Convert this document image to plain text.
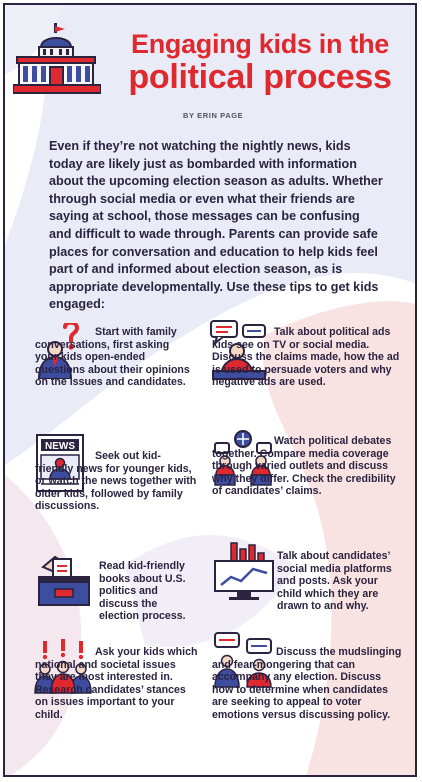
Engaging kids in the
political process
BY ERIN PAGE
Even if they’re not watching the nightly news, kids today are likely just as bombarded with information about the upcoming election season as adults. Whether through social media or even what their friends are saying at school, those messages can be confusing and difficult to wade through. Parents can provide safe places for conversation and education to help kids feel part of and informed about election season, as is appropriate developmentally. Use these tips to get kids engaged:
Start with family conversations, first asking your kids open-ended questions about their opinions on the issues and candidates.
Talk about political ads kids see on TV or social media. Discuss the claims made, how the ad is used to persuade voters and why negative ads are used.
NEWS
Seek out kid-friendly news for younger kids, or watch the news together with older kids, followed by family discussions.
Watch political debates together. Compare media coverage through varied outlets and discuss why they differ. Check the credibility of candidates’ claims.
Read kid-friendly books about U.S. politics and discuss the election process.
Talk about candidates’ social media platforms and posts. Ask your child which they are drawn to and why.
Ask your kids which national and societal issues they are most interested in. Research candidates’ stances on issues important to your child.
Discuss the mudslinging and fear-mongering that can accompany any election. Discuss how to determine when candidates are seeking to appeal to voter emotions versus discussing policy.
